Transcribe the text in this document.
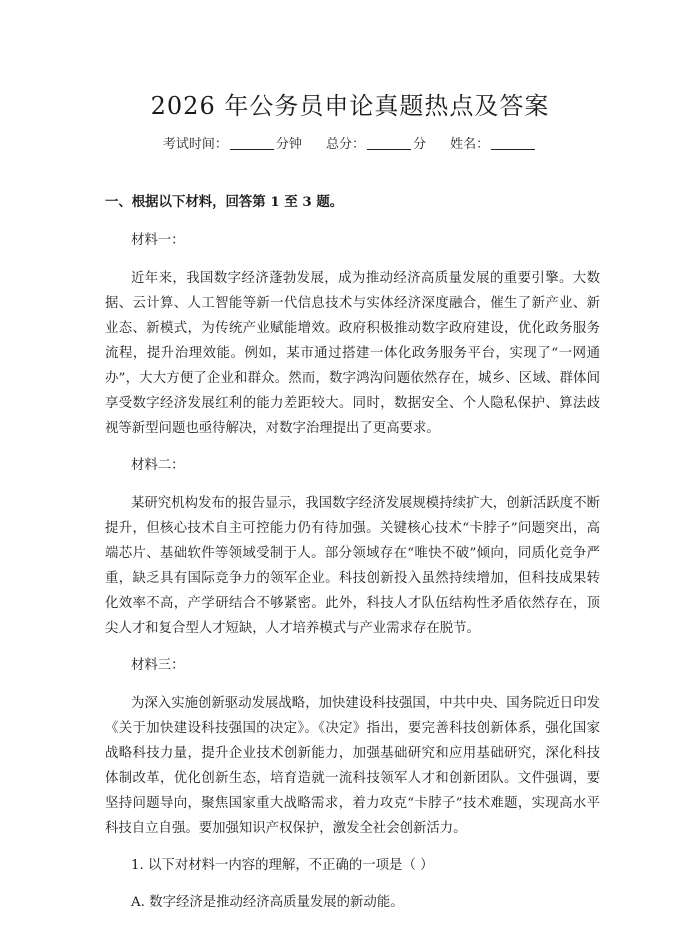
2026 年公务员申论真题热点及答案
考试时间：	分钟 总分：	分 姓名：
一、根据以下材料，回答第 1 至 3 题。
材料一：
近年来，我国数字经济蓬勃发展，成为推动经济高质量发展的重要引擎。大数据、云计算、人工智能等新一代信息技术与实体经济深度融合，催生了新产业、新业态、新模式，为传统产业赋能增效。政府积极推动数字政府建设，优化政务服务流程，提升治理效能。例如，某市通过搭建一体化政务服务平台，实现了“一网通办”，大大方便了企业和群众。然而，数字鸿沟问题依然存在，城乡、区域、群体间享受数字经济发展红利的能力差距较大。同时，数据安全、个人隐私保护、算法歧视等新型问题也亟待解决，对数字治理提出了更高要求。
材料二：
某研究机构发布的报告显示，我国数字经济发展规模持续扩大，创新活跃度不断提升，但核心技术自主可控能力仍有待加强。关键核心技术“卡脖子”问题突出，高端芯片、基础软件等领域受制于人。部分领域存在“唯快不破”倾向，同质化竞争严重，缺乏具有国际竞争力的领军企业。科技创新投入虽然持续增加，但科技成果转化效率不高，产学研结合不够紧密。此外，科技人才队伍结构性矛盾依然存在，顶尖人才和复合型人才短缺，人才培养模式与产业需求存在脱节。
材料三：
为深入实施创新驱动发展战略，加快建设科技强国，中共中央、国务院近日印发《关于加快建设科技强国的决定》。《决定》指出，要完善科技创新体系，强化国家战略科技力量，提升企业技术创新能力，加强基础研究和应用基础研究，深化科技体制改革，优化创新生态，培育造就一流科技领军人才和创新团队。文件强调，要坚持问题导向，聚焦国家重大战略需求，着力攻克“卡脖子”技术难题，实现高水平科技自立自强。要加强知识产权保护，激发全社会创新活力。
1. 以下对材料一内容的理解，不正确的一项是（ ）
A. 数字经济是推动经济高质量发展的新动能。
